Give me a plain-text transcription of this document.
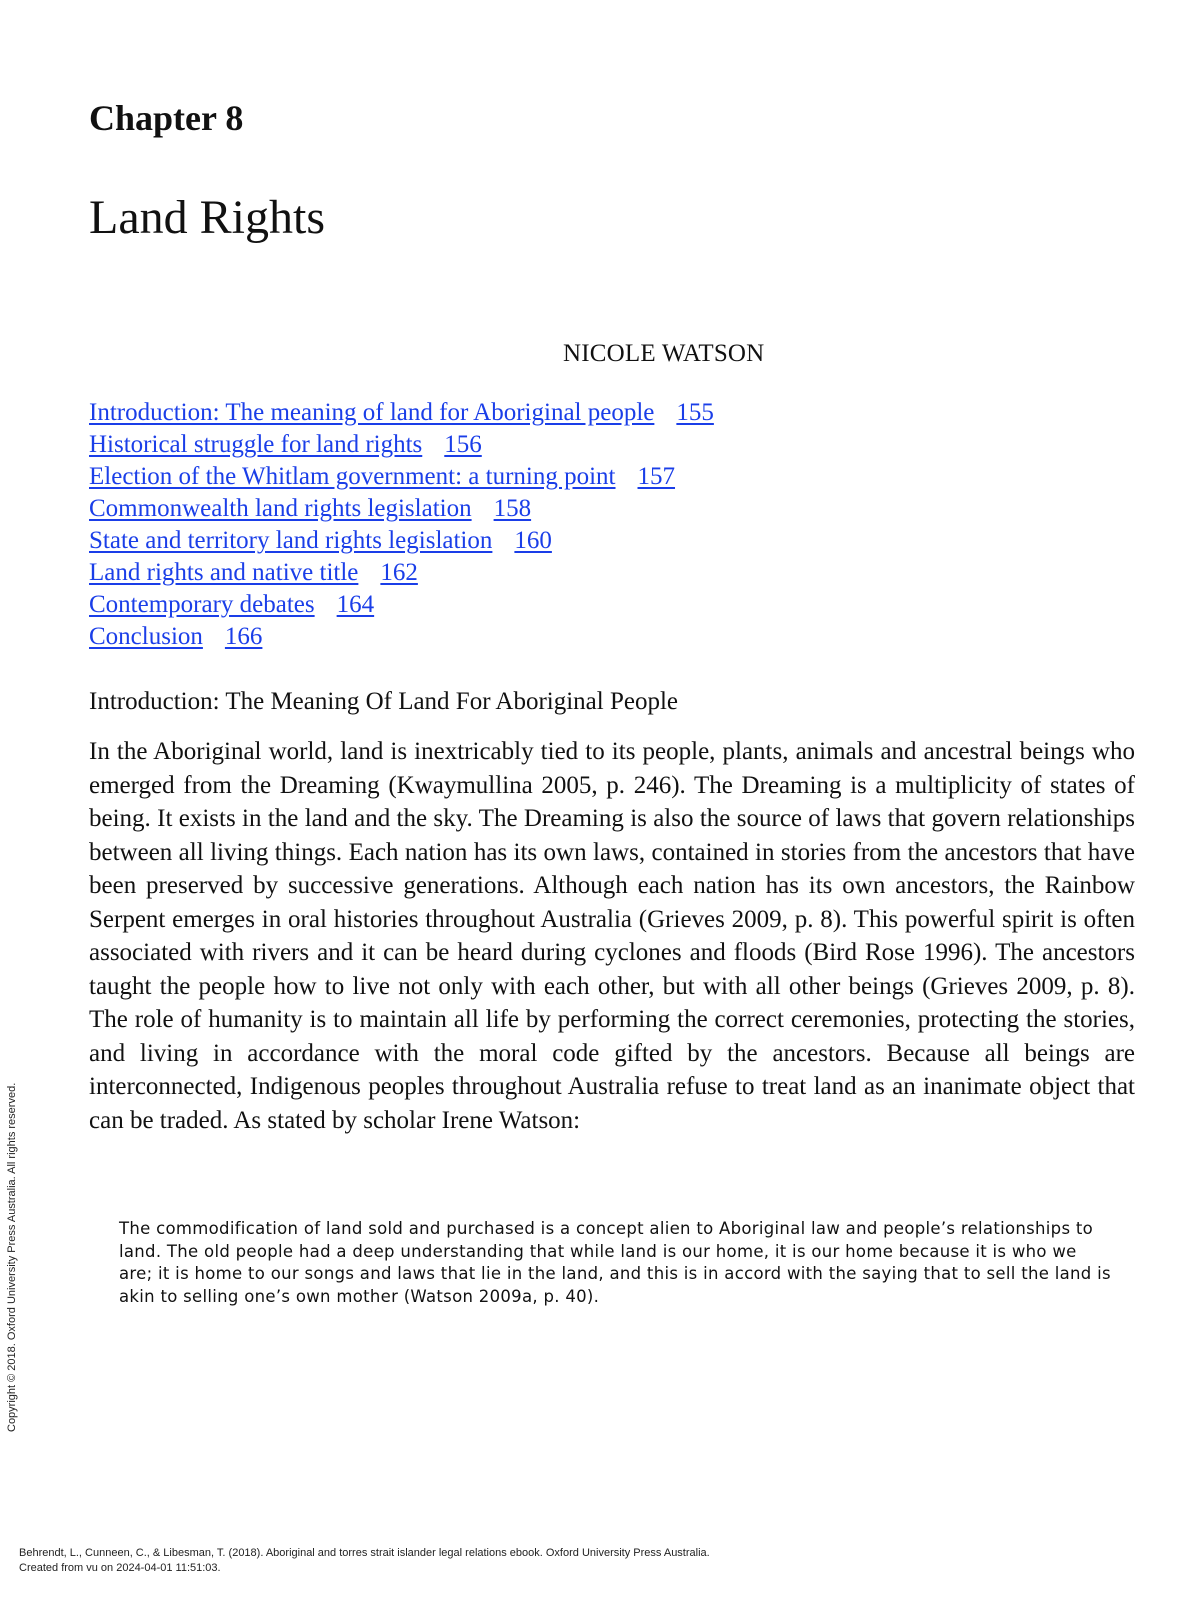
Chapter 8
Land Rights
NICOLE WATSON
Introduction: The meaning of land for Aboriginal people 155
Historical struggle for land rights 156
Election of the Whitlam government: a turning point 157
Commonwealth land rights legislation 158
State and territory land rights legislation 160
Land rights and native title 162
Contemporary debates 164
Conclusion 166
Introduction: The Meaning Of Land For Aboriginal People

In the Aboriginal world, land is inextricably tied to its people, plants, animals and ancestral beings who emerged from the Dreaming (Kwaymullina 2005, p. 246). The Dreaming is a multiplicity of states of being. It exists in the land and the sky. The Dreaming is also the source of laws that govern relationships between all living things. Each nation has its own laws, contained in stories from the ancestors that have been preserved by successive generations. Although each nation has its own ancestors, the Rainbow Serpent emerges in oral histories throughout Australia (Grieves 2009, p. 8). This powerful spirit is often associated with rivers and it can be heard during cyclones and floods (Bird Rose 1996). The ancestors taught the people how to live not only with each other, but with all other beings (Grieves 2009, p. 8). The role of humanity is to maintain all life by performing the correct ceremonies, protecting the stories, and living in accordance with the moral code gifted by the ancestors. Because all beings are interconnected, Indigenous peoples throughout Australia refuse to treat land as an inanimate object that can be traded. As stated by scholar Irene Watson:

The commodification of land sold and purchased is a concept alien to Aboriginal law and people’s relationships to land. The old people had a deep understanding that while land is our home, it is our home because it is who we are; it is home to our songs and laws that lie in the land, and this is in accord with the saying that to sell the land is akin to selling one’s own mother (Watson 2009a, p. 40).

Copyright © 2018. Oxford University Press Australia. All rights reserved.
Behrendt, L., Cunneen, C., & Libesman, T. (2018). Aboriginal and torres strait islander legal relations ebook. Oxford University Press Australia.
Created from vu on 2024-04-01 11:51:03.
